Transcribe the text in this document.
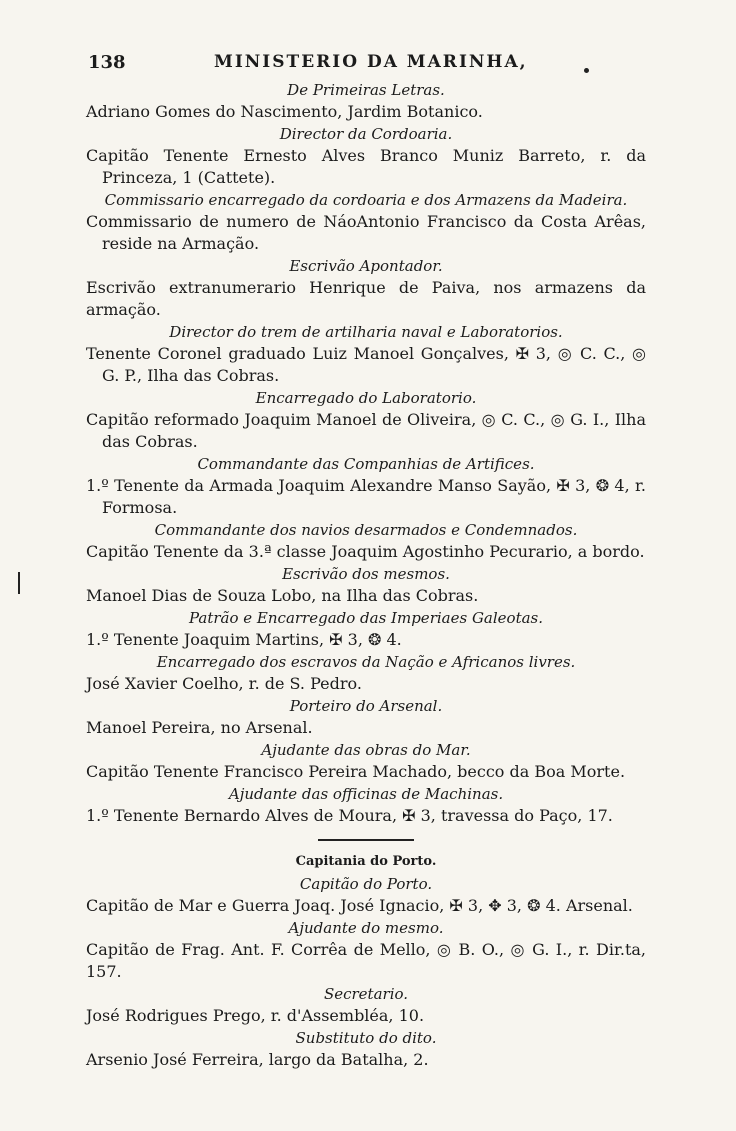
138	MINISTERIO DA MARINHA,
De Primeiras Letras.
Adriano Gomes do Nascimento, Jardim Botanico.
Director da Cordoaria.
Capitão Tenente Ernesto Alves Branco Muniz Barreto, r. da Princeza, 1 (Cattete).
Commissario encarregado da cordoaria e dos Armazens da Madeira.
Commissario de numero de NáoAntonio Francisco da Costa Arêas, reside na Armação.
Escrivão Apontador.
Escrivão extranumerario Henrique de Paiva, nos armazens da armação.
Director do trem de artilharia naval e Laboratorios.
Tenente Coronel graduado Luiz Manoel Gonçalves, ✠ 3, ◎ C. C., ◎ G. P., Ilha das Cobras.
Encarregado do Laboratorio.
Capitão reformado Joaquim Manoel de Oliveira, ◎ C. C., ◎ G. I., Ilha das Cobras.
Commandante das Companhias de Artifices.
1.º Tenente da Armada Joaquim Alexandre Manso Sayão, ✠ 3, ❂ 4, r. Formosa.
Commandante dos navios desarmados e Condemnados.
Capitão Tenente da 3.ª classe Joaquim Agostinho Pecurario, a bordo.
Escrivão dos mesmos.
Manoel Dias de Souza Lobo, na Ilha das Cobras.
Patrão e Encarregado das Imperiaes Galeotas.
1.º Tenente Joaquim Martins, ✠ 3, ❂ 4.
Encarregado dos escravos da Nação e Africanos livres.
José Xavier Coelho, r. de S. Pedro.
Porteiro do Arsenal.
Manoel Pereira, no Arsenal.
Ajudante das obras do Mar.
Capitão Tenente Francisco Pereira Machado, becco da Boa Morte.
Ajudante das officinas de Machinas.
1.º Tenente Bernardo Alves de Moura, ✠ 3, travessa do Paço, 17.
Capitania do Porto.
Capitão do Porto.
Capitão de Mar e Guerra Joaq. José Ignacio, ✠ 3, ✥ 3, ❂ 4. Arsenal.
Ajudante do mesmo.
Capitão de Frag. Ant. F. Corrêa de Mello, ◎ B. O., ◎ G. I., r. Dir.ta, 157.
Secretario.
José Rodrigues Prego, r. d'Assembléa, 10.
Substituto do dito.
Arsenio José Ferreira, largo da Batalha, 2.
